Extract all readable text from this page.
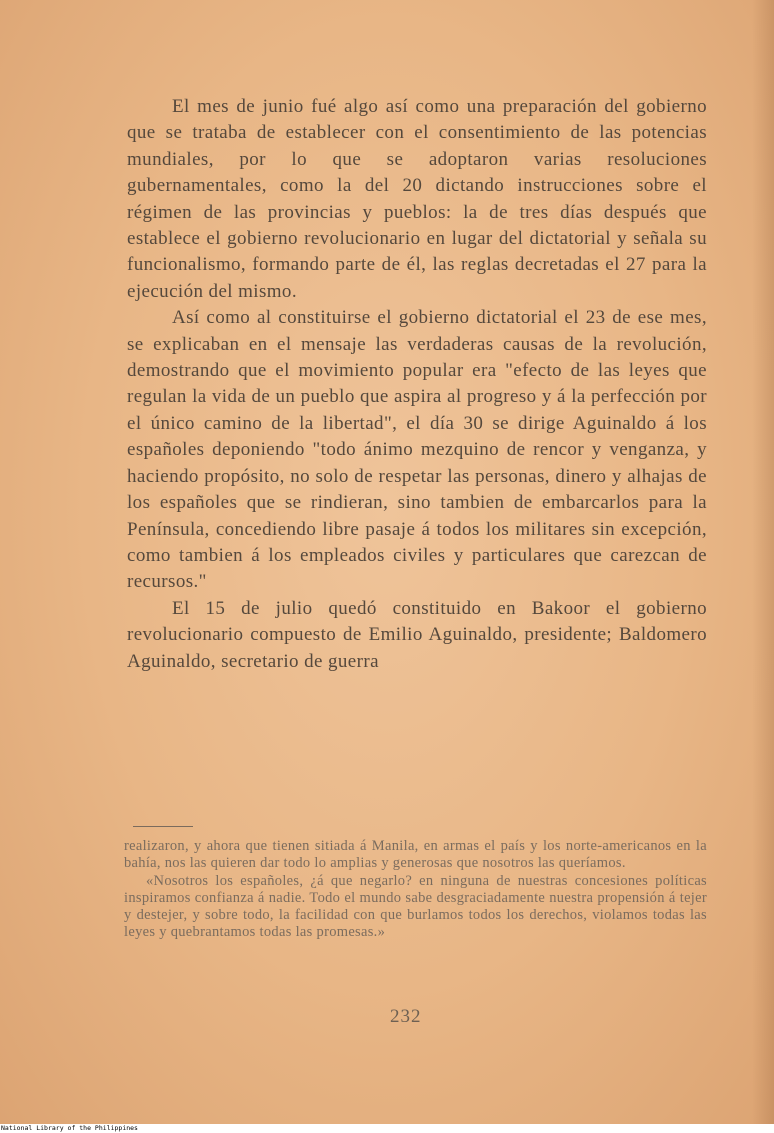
El mes de junio fué algo así como una preparación del gobierno que se trataba de establecer con el consentimiento de las potencias mundiales, por lo que se adoptaron varias resoluciones gubernamentales, como la del 20 dictando instrucciones sobre el régimen de las provincias y pueblos: la de tres días después que establece el gobierno revolucionario en lugar del dictatorial y señala su funcionalismo, formando parte de él, las reglas decretadas el 27 para la ejecución del mismo.

Así como al constituirse el gobierno dictatorial el 23 de ese mes, se explicaban en el mensaje las verdaderas causas de la revolución, demostrando que el movimiento popular era "efecto de las leyes que regulan la vida de un pueblo que aspira al progreso y á la perfección por el único camino de la libertad", el día 30 se dirige Aguinaldo á los españoles deponiendo "todo ánimo mezquino de rencor y venganza, y haciendo propósito, no solo de respetar las personas, dinero y alhajas de los españoles que se rindieran, sino tambien de embarcarlos para la Península, concediendo libre pasaje á todos los militares sin excepción, como tambien á los empleados civiles y particulares que carezcan de recursos."

El 15 de julio quedó constituido en Bakoor el gobierno revolucionario compuesto de Emilio Aguinaldo, presidente; Baldomero Aguinaldo, secretario de guerra

realizaron, y ahora que tienen sitiada á Manila, en armas el país y los norte-americanos en la bahía, nos las quieren dar todo lo amplias y generosas que nosotros las queríamos.

«Nosotros los españoles, ¿á que negarlo? en ninguna de nuestras concesiones políticas inspiramos confianza á nadie. Todo el mundo sabe desgraciadamente nuestra propensión á tejer y destejer, y sobre todo, la facilidad con que burlamos todos los derechos, violamos todas las leyes y quebrantamos todas las promesas.»

232
National Library of the Philippines
